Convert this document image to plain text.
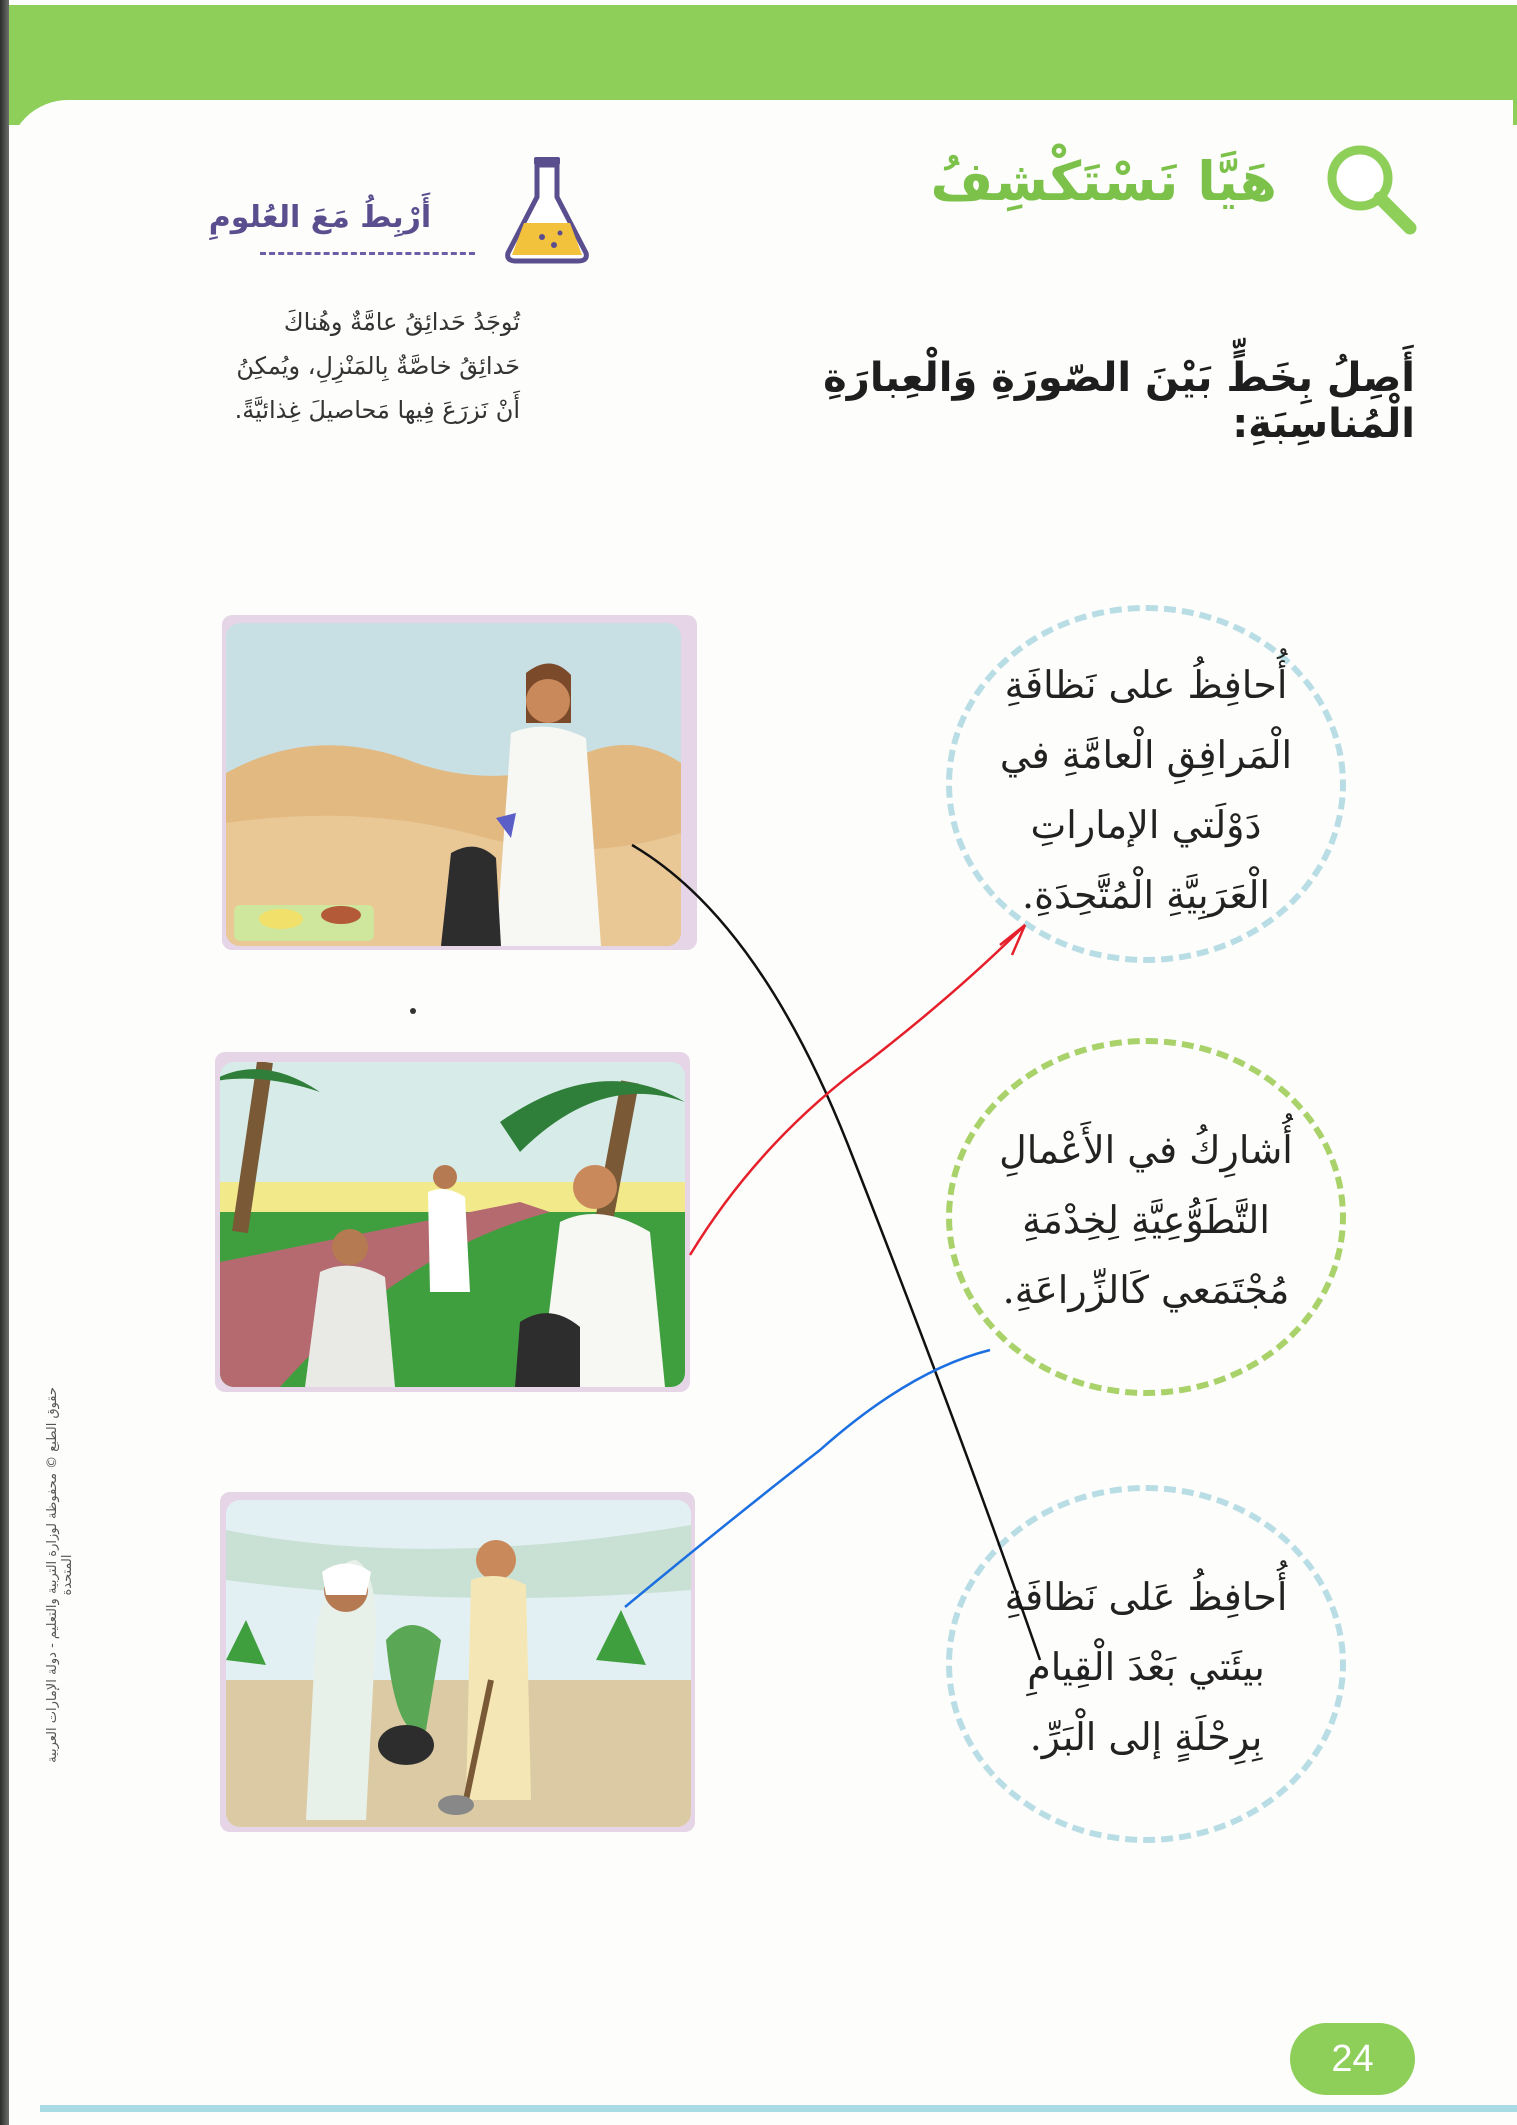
هَيَّا نَسْتَكْشِفُ
أَرْبِطُ مَعَ العُلومِ
تُوجَدُ حَدائِقُ عامَّةٌ وهُناكَ
حَدائِقُ خاصَّةٌ بِالمَنْزِلِ، ويُمكِنُ
أَنْ نَزرَعَ فِيها مَحاصيلَ غِذائيَّةً.
أَصِلُ بِخَطٍّ بَيْنَ الصّورَةِ وَالْعِبارَةِ الْمُناسِبَةِ:
أُحافِظُ على نَظافَةِ
الْمَرافِقِ الْعامَّةِ في
دَوْلَتي الإماراتِ
الْعَرَبِيَّةِ الْمُتَّحِدَةِ.
أُشارِكُ في الأَعْمالِ
التَّطَوُّعِيَّةِ لِخِدْمَةِ
مُجْتَمَعي كَالزِّراعَةِ.
أُحافِظُ عَلى نَظافَةِ
بيئَتي بَعْدَ الْقِيامِ
بِرِحْلَةٍ إلى الْبَرِّ.
حقوق الطبع © محفوظة لوزارة التربية والتعليم - دولة الإمارات العربية المتحدة
24
